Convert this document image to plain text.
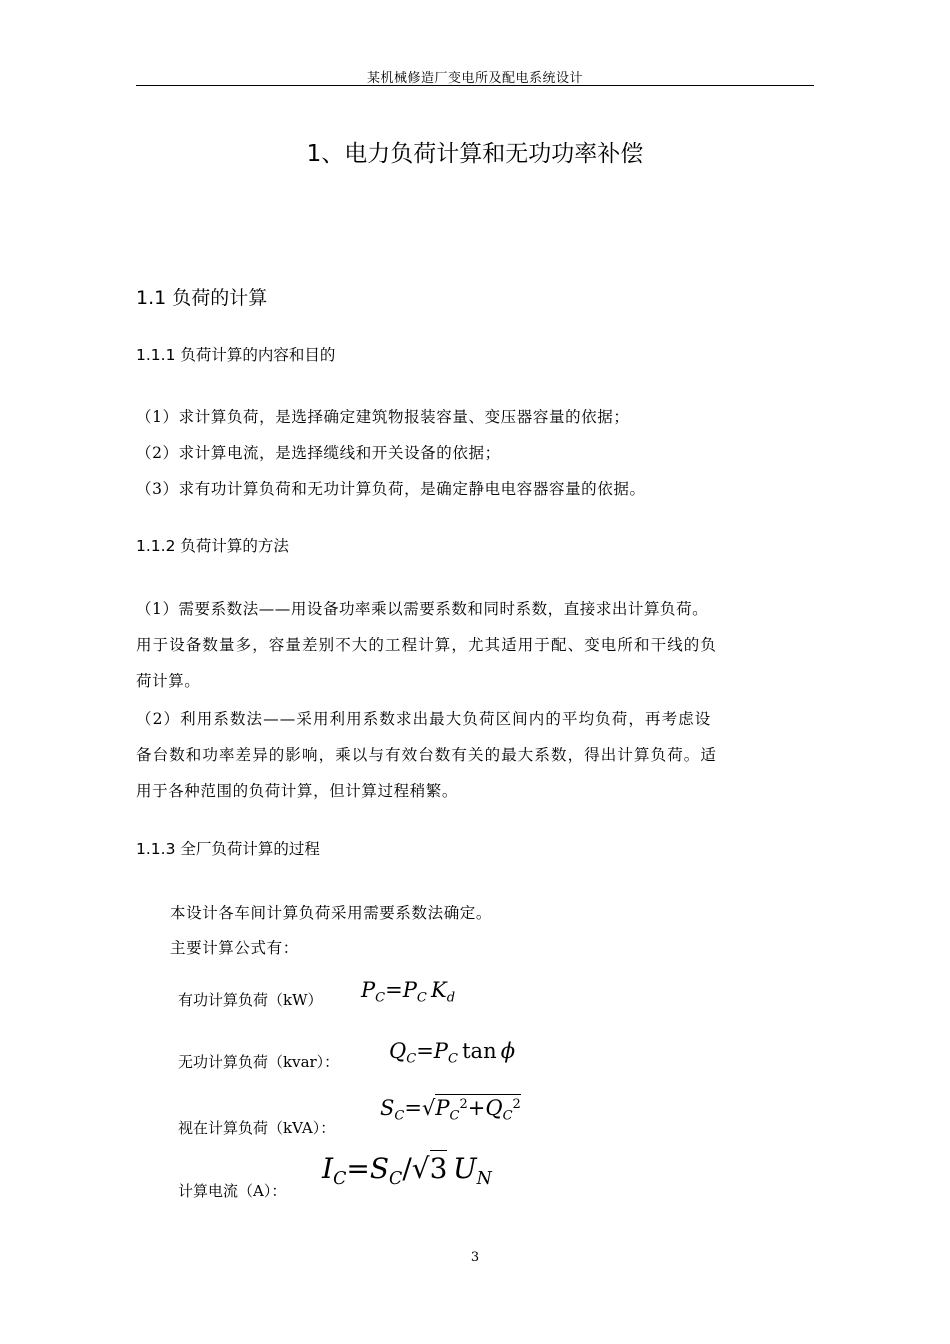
某机械修造厂变电所及配电系统设计
1、电力负荷计算和无功功率补偿
1.1 负荷的计算
1.1.1 负荷计算的内容和目的
（1）求计算负荷，是选择确定建筑物报装容量、变压器容量的依据；
（2）求计算电流，是选择缆线和开关设备的依据；
（3）求有功计算负荷和无功计算负荷，是确定静电电容器容量的依据。
1.1.2 负荷计算的方法
（1）需要系数法——用设备功率乘以需要系数和同时系数，直接求出计算负荷。
用于设备数量多，容量差别不大的工程计算，尤其适用于配、变电所和干线的负
荷计算。
（2）利用系数法——采用利用系数求出最大负荷区间内的平均负荷，再考虑设
备台数和功率差异的影响，乘以与有效台数有关的最大系数，得出计算负荷。适
用于各种范围的负荷计算，但计算过程稍繁。
1.1.3 全厂负荷计算的过程
本设计各车间计算负荷采用需要系数法确定。
主要计算公式有：
有功计算负荷（kW） $P_C=P_C$  $K_d$
无功计算负荷（kvar）： $Q_C=P_C$  tan  ϕ
视在计算负荷（kVA）：
$S_C=√P_C^2+Q_C^2$
计算电流（A）：
$I_C=S_C/√3$  $U_N$
3
